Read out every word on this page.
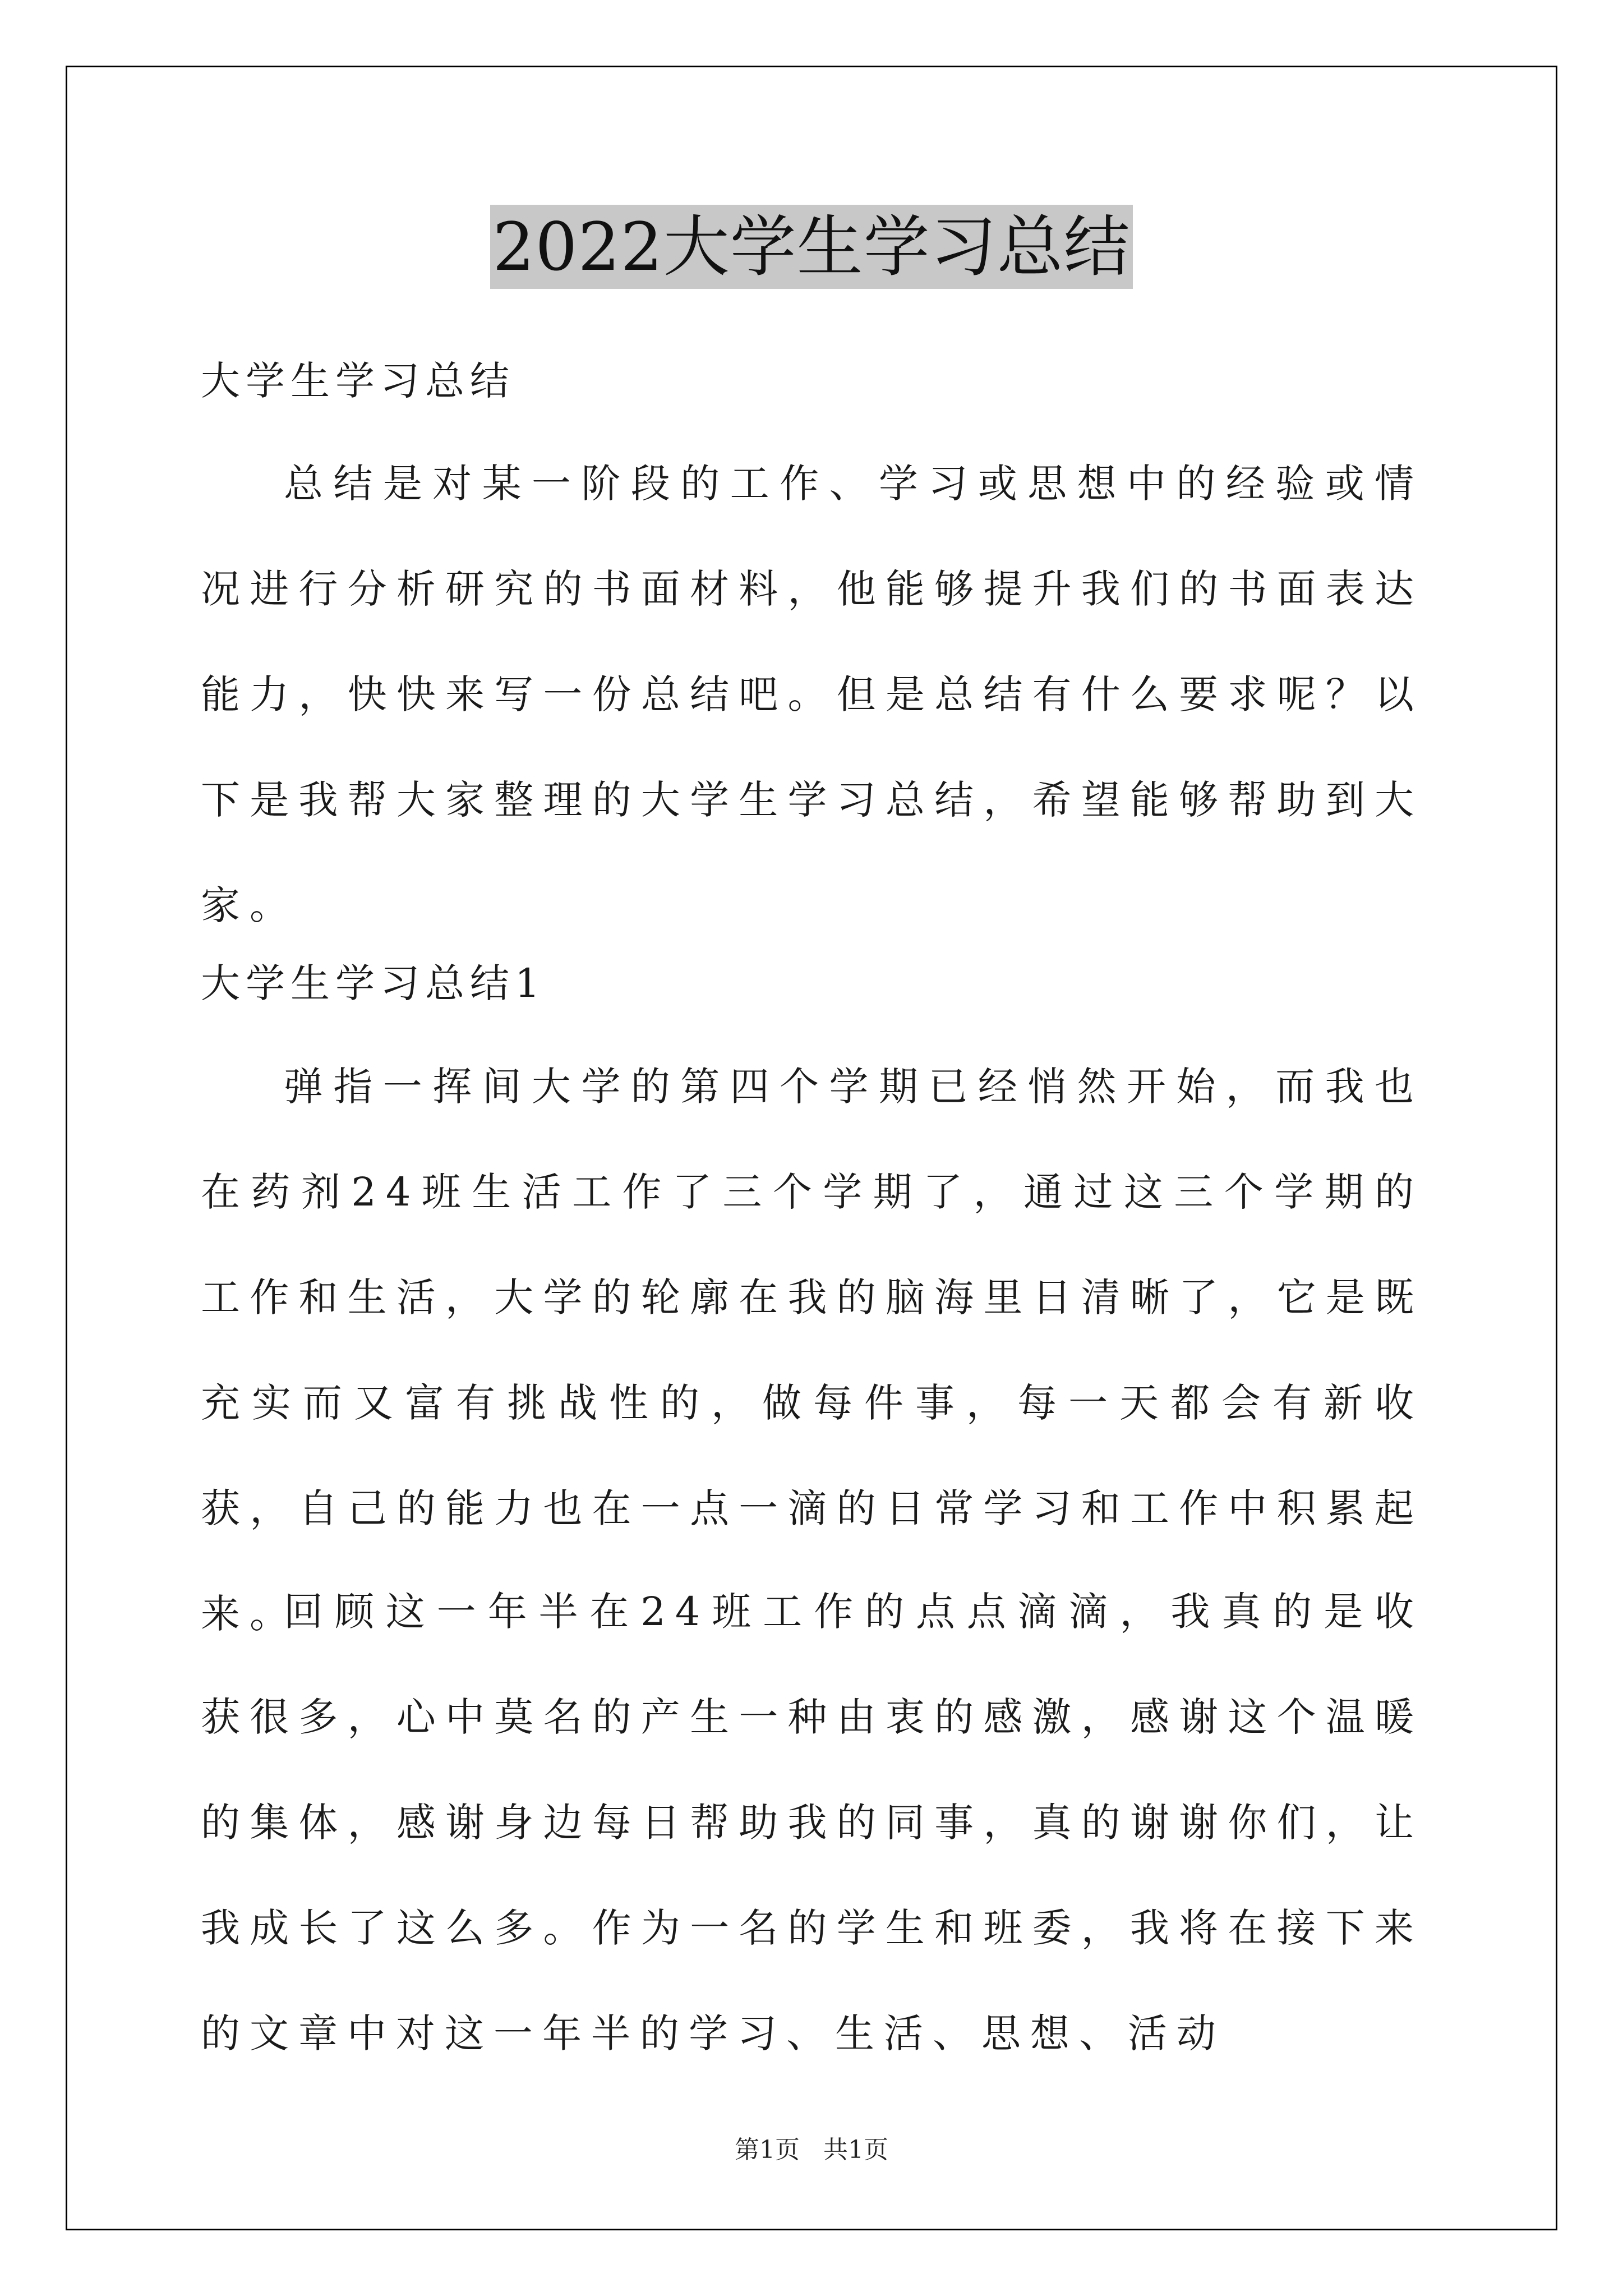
2022大学生学习总结
大学生学习总结
总结是对某一阶段的工作、学习或思想中的经验或情况进行分析研究的书面材料，他能够提升我们的书面表达能力，快快来写一份总结吧。但是总结有什么要求呢？以下是我帮大家整理的大学生学习总结，希望能够帮助到大家。
大学生学习总结1
弹指一挥间大学的第四个学期已经悄然开始，而我也在药剂24班生活工作了三个学期了，通过这三个学期的工作和生活，大学的轮廓在我的脑海里日清晰了，它是既充实而又富有挑战性的，做每件事，每一天都会有新收获，自己的能力也在一点一滴的日常学习和工作中积累起来。
回顾这一年半在24班工作的点点滴滴，我真的是收获很多，心中莫名的产生一种由衷的感激，感谢这个温暖的集体，感谢身边每日帮助我的同事，真的谢谢你们，让我成长了这么多。作为一名的学生和班委，我将在接下来的文章中对这一年半的学习、生活、思想、活动
第1页   共1页
